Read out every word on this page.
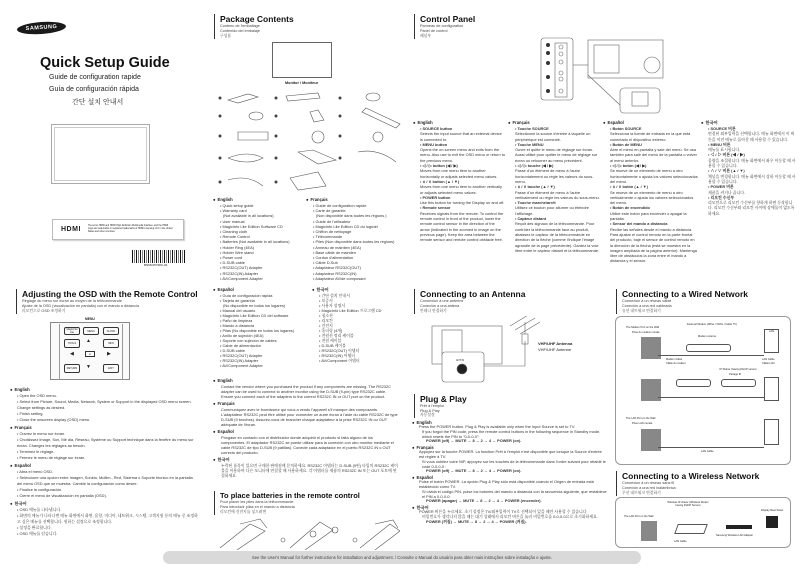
SAMSUNG
Quick Setup Guide
Guide de configuration rapide
Guía de configuración rápida
간단 설치 안내서
HDMI
The terms HDMI and HDMI High-Definition Multimedia Interface, and the HDMI Logo are trademarks or registered trademarks of HDMI Licensing LLC in the United States and other countries.
BN68-05728C-02
Package Contents
Contenu de l'emballage
Contenido del embalaje
구성품
Monitor / Moniteur
● English
• Quick setup guide
• Warranty card
(Not available in all locations)
• User manual
• MagicInfo Lite Edition Software CD
• Cleaning cloth
• Remote Control
• Batteries (Not available in all locations)
• Holder Ring (4EA)
• Holder Wire stand
• Power cord
• D-SUB cable
• RS232C(OUT) Adapter
• RS232C(IN) Adapter
• AV/Component Adapter
● Français
• Guide de configuration rapide
• Carte de garantie
(Non disponible dans toutes les régions.)
• Guide de l'utilisateur
• MagicInfo Lite Edition CD du logiciel
• Chiffon de nettoyage
• Télécommande
• Piles (Non disponible dans toutes les régions)
• Anneau de maintien (4EA)
• Base câble de maintien
• Cordon d'alimentation
• Câble D-Sub
• Adaptateur RS232C(OUT)
• Adaptateur RS232C(IN)
• Adaptateur AV/de composant
● Español
• Guía de configuración rápida
• Tarjeta de garantía
(No disponible en todos los lugares)
• Manual del usuario
• MagicInfo Lite Edition CD del software
• Paño de limpieza
• Mando a distancia
• Pilas (No disponible en todos los lugares)
• Anillo de sujeción (4EA)
• Soporte con sujeción de cables
• Cable de alimentación
• D-SUB cable
• RS232C(OUT) Adapter
• RS232C(IN) Adapter
• AV/Component Adapter
● 한국어
• 간단 설치 안내서
• 보증서
• 사용자 설명서
• MagicInfo Lite Edition 프로그램 CD
• 청소천
• 리모컨
• 건전지
• 홀더링 (4개)
• 전원선 정리 케이블
• 전원 케이블
• D-SUB 케이블
• RS232C(OUT) 어댑터
• RS232C(IN) 어댑터
• AV/Component 어댑터
● English
Contact the vendor where you purchased the product if any components are missing. The RS232C adapter can be used to connect to another monitor using the D-SUB (9-pin) type RS232C cable. Ensure you connect each of the adapters to the correct RS232C IN or OUT port on the product.
● Français
Communiquez avec le fournisseur qui vous a vendu l'appareil s'il manque des composants. L'adaptateur RS232C peut être utilisé pour connecter un autre écran à l'aide du câble RS232C de type D-SUB (9 broches). Assurez-vous de brancher chaque adaptateur à la prise RS232C IN ou OUT adéquate de l'écran.
● Español
Póngase en contacto con el distribuidor donde adquirió el producto si falta alguno de los componentes. El adaptador RS232C se puede utilizar para la conexión con otro monitor mediante el cable RS232C de tipo D-SUB (9 patillas). Conecte cada adaptador en el puerto RS232C IN o OUT correcto del producto.
● 한국어
누락된 품목이 있으면 구매한 판매점에 문의하세요. RS232C 어댑터는 D-SUB (9핀) 타입의 RS232C 케이블을 이용하여 다른 모니터에 연결할 때 사용하세요. 각 어댑터를 제품의 RS232C IN 또는 OUT 포트에 연결하세요.
To place batteries in the remote control
Pour placer les piles dans la télécommande
Para introducir pilas en el mando a distancia
리모컨에 건전지를 넣으려면
Control Panel
Panneau de configuration
Panel de control
패널부
● English
• SOURCE button
Selects the input source that an external device is connected to.
• MENU button
Opens the on-screen menu and exits from the menu. Also use to exit the OSD menu or return to the previous menu.
• ◁ / ▷ button (◀ / ▶)
Moves from one menu item to another horizontally or adjusts selected menu values.
• ∧ / ∨ button (▲ / ▼)
Moves from one menu item to another vertically or adjusts selected menu values.
• POWER button
Use this button for turning the Display on and off.
• Remote sensor
Receives signals from the remote. To control the remote control in front of the product, lower the remote control sensor in the direction of the arrow (indicated in the zoomed in image on the previous page). Keep the area between the remote sensor and remote control obstacle free.
● Français
• Touche SOURCE
Sélectionne la source d'entrée à laquelle un périphérique est connecté.
• Touche MENU
Ouvre et quitte le menu de réglage sur écran. Aussi utilisé pour quitter le menu de réglage sur écran ou retourner au menu précédent.
• ◁ / ▷ touche (◀ / ▶)
Passe d'un élément de menu à l'autre horizontalement ou règle les valeurs du sous-menu.
• ∧ / ∨ touche (▲ / ▼)
Passe d'un élément de menu à l'autre verticalement ou règle les valeurs du sous-menu.
• Touche marche/arrêt
Utilisez ce bouton pour allumer ou éteindre l'affichage.
• Capteur distant
Reçoit des signaux de la télécommande. Pour contrôler la télécommande face au produit, abaissez le capteur de la télécommande en direction de la flèche (comme l'indique l'image agrandie de la page précédente). Gardez la voie libre entre le capteur distant et la télécommande.
● Español
• Botón SOURCE
Selecciona la fuente de entrada en la que está conectado el dispositivo externo.
• Botón de MENU
Abre el menú en pantalla y sale del menú. Se usa también para salir del menú de la pantalla o volver al menú anterior.
• ◁ / ▷ botón (◀ / ▶)
Se mueve de un elemento de menú a otro horizontalmente o ajusta los valores seleccionados del menú.
• ∧ / ∨ botón (▲ / ▼)
Se mueve de un elemento de menú a otro verticalmente o ajusta los valores seleccionados del menú.
• Botón de encendido
Utilice este botón para encender o apagar la pantalla.
• Sensor del mando a distancia
Recibe las señales desde el mando a distancia. Para ajustar el control remoto en la parte frontal del producto, baje el sensor de control remoto en la dirección de la flecha (está se muestra en la imagen ampliada de la página anterior). Mantenga libre de obstáculos la zona entre el mando a distancia y el sensor.
● 한국어
• SOURCE 버튼
연결된 외부입력을 선택합니다. 메뉴 화면에서 이 버튼을 이전 메뉴로 돌아갈 때 사용할 수 있습니다.
• MENU 버튼
메뉴를 표시합니다.
• ◁ / ▷ 버튼 (◀ / ▶)
음량을 조절합니다. 메뉴 화면에서 좌우 이동할 때 사용할 수 있습니다.
• ∧ / ∨ 버튼 (▲ / ▼)
채널을 변경합니다. 메뉴 화면에서 상하 이동할 때 사용할 수 있습니다.
• POWER 버튼
제품을 켜거나 끕니다.
• 리모컨 수신부
리모컨으로 리모컨 수신부를 향하게 하면 동작합니다. 리모컨 수신부와 리모컨 사이에 장애물이 없도록 하세요.
Adjusting the OSD with the Remote Control
Réglage du menu sur écran au moyen de la télécommande
Ajuste de la OSD (visualización en pantalla) con el mando a distancia
리모컨으로 OSD 조정하기
MENU
MagicInfo Lite	MENU	CLOCK
TOOLS	INFO
▲
◀	↵	▶
▼
RETURN	EXIT
● English
• Open the OSD menu.
• Select from Picture, Sound, Media, Network, System or Support in the displayed OSD menu screen. Change settings as desired.
• Finish setting.
• Close the onscreen display (OSD) menu.
● Français
• Ouvrez le menu sur écran.
• Choisissez Image, Son, Mé dia, Réseau, Système ou Support technique dans la fenêtre du menu sur écran. Changez les réglages au besoin.
• Terminez le réglage.
• Fermez le menu de réglage sur écran.
● Español
• Abra el menú OSD.
• Seleccione una opción entre Imagen, Sonido, Multim., Red, Sistema o Soporte técnico en la pantalla del menú OSD que se muestra. Cambie la configuración como desee.
• Finalice la configuración.
• Cierre el menú de visualización en pantalla (OSD).
● 한국어
• OSD 메뉴를 나타냅니다.
• 화면의 메뉴가 나타나면 메뉴 화면에서 화면, 음향, 미디어, 네트워크, 시스템, 고객지원 등의 메뉴 중 조정하고 싶은 메뉴를 선택합니다. 원하는 설정으로 조정합니다.
• 설정을 완료합니다.
• OSD 메뉴를 닫습니다.
Connecting to an Antenna
Connexion à une antenne
Conexión a una antena
안테나 연결하기
ANT IN
VHF/UHF Antenna
VHF/UHF Antenne
Plug & Play
Prêt à l'emploi
Plug & Play
자동설정
● English
Press the POWER button. Plug & Play is available only when the Input Source is set to TV.
If you forgot the PIN code, press the remote control buttons in the following sequence in Standby mode, which resets the PIN to "0-0-0-0":
POWER (off) → MUTE → 8 → 2 → 4 → POWER (on).
● Français
Appuyez sur la touche POWER. La fonction Prêt à l'emploi n'est disponible que lorsque la Source d'entrée est réglée à TV.
Si vous oubliez votre NIP, appuyez sur les touches de la télécommande dans l'ordre suivant pour rétablir le code 0-0-0-0 :
POWER (off) → MUTE → 8 → 2 → 4 → POWER (on).
● Español
Pulse el botón POWER. La opción Plug & Play sólo está disponible cuando el Origen de entrada está establecido como TV.
Si olvida el código PIN, pulse los botones del mando a distancia con la secuencia siguiente, que restablece el PIN a 0-0-0-0:
POWER (apagar) → MUTE → 8 → 2 → 4 → POWER (encender).
● 한국어
POWER 버튼을 누르세요. 초기 설정은 TV/외부입력이 TV로 선택되어 있을 때만 사용할 수 있습니다.
비밀번호가 생각나지 않을 때는 대기 상태에서 리모컨 버튼을 눌러 비밀번호를 0-0-0-0으로 초기화하세요.
POWER (꺼짐) → MUTE → 8 → 2 → 4 → POWER (켜짐).
Connecting to a Wired Network
Connexion à un réseau câblé
Conexión a una red cableada
유선 네트워크 연결하기
The Modem Port on the Wall
Prise du modem murale
External Modem (ADSL / VDSL / Cable TV)
Modem externe
Modem Cable
Câble du modem
LAN
LAN Cable
Câble LAN
IP Sharer (having DHCP server)
Partage IP
The LAN Port on the Wall
Prise LAN murale
LAN Cable
Connecting to a Wireless Network
Connexion à un réseau sans fil
Conexión a una red inalámbrica
무선 네트워크 연결하기
Wireless IP sharer (Wireless Router having DHCP Server)
The LAN Port on the Wall
LAN Cable
Samsung Wireless LAN Adapter
Display Rear Panel
See the User's Manual for further instructions for installation and adjustment. / Consulte o Manual do usuário para obter mais instruções sobre instalação e ajuste.
